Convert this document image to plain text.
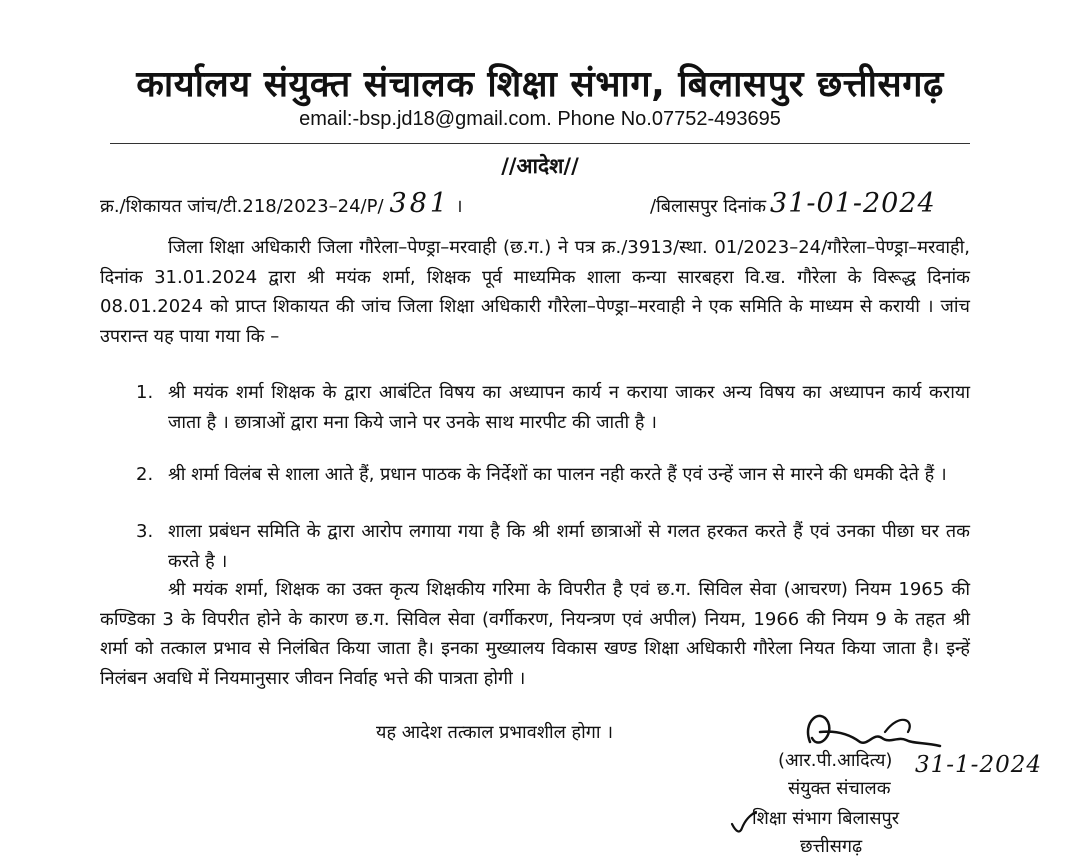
कार्यालय संयुक्त संचालक शिक्षा संभाग, बिलासपुर छत्तीसगढ़
email:-bsp.jd18@gmail.com. Phone No.07752-493695
//आदेश//
क्र./शिकायत जांच/टी.218/2023–24/P/ 381 ।	/बिलासपुर दिनांक 31-01-2024
जिला शिक्षा अधिकारी जिला गौरेला–पेण्ड्रा–मरवाही (छ.ग.) ने पत्र क्र./3913/स्था. 01/2023–24/गौरेला–पेण्ड्रा–मरवाही, दिनांक 31.01.2024 द्वारा श्री मयंक शर्मा, शिक्षक पूर्व माध्यमिक शाला कन्या सारबहरा वि.ख. गौरेला के विरूद्ध दिनांक 08.01.2024 को प्राप्त शिकायत की जांच जिला शिक्षा अधिकारी गौरेला–पेण्ड्रा–मरवाही ने एक समिति के माध्यम से करायी । जांच उपरान्त यह पाया गया कि –
1. श्री मयंक शर्मा शिक्षक के द्वारा आबंटित विषय का अध्यापन कार्य न कराया जाकर अन्य विषय का अध्यापन कार्य कराया जाता है । छात्राओं द्वारा मना किये जाने पर उनके साथ मारपीट की जाती है ।
2. श्री शर्मा विलंब से शाला आते हैं, प्रधान पाठक के निर्देशों का पालन नही करते हैं एवं उन्हें जान से मारने की धमकी देते हैं ।
3. शाला प्रबंधन समिति के द्वारा आरोप लगाया गया है कि श्री शर्मा छात्राओं से गलत हरकत करते हैं एवं उनका पीछा घर तक करते है ।
श्री मयंक शर्मा, शिक्षक का उक्त कृत्य शिक्षकीय गरिमा के विपरीत है एवं छ.ग. सिविल सेवा (आचरण) नियम 1965 की कण्डिका 3 के विपरीत होने के कारण छ.ग. सिविल सेवा (वर्गीकरण, नियन्त्रण एवं अपील) नियम, 1966 की नियम 9 के तहत श्री शर्मा को तत्काल प्रभाव से निलंबित किया जाता है। इनका मुख्यालय विकास खण्ड शिक्षा अधिकारी गौरेला नियत किया जाता है। इन्हें निलंबन अवधि में नियमानुसार जीवन निर्वाह भत्ते की पात्रता होगी ।
यह आदेश तत्काल प्रभावशील होगा ।
(आर.पी.आदित्य) 31-1-2024
संयुक्त संचालक
शिक्षा संभाग बिलासपुर
छत्तीसगढ़
